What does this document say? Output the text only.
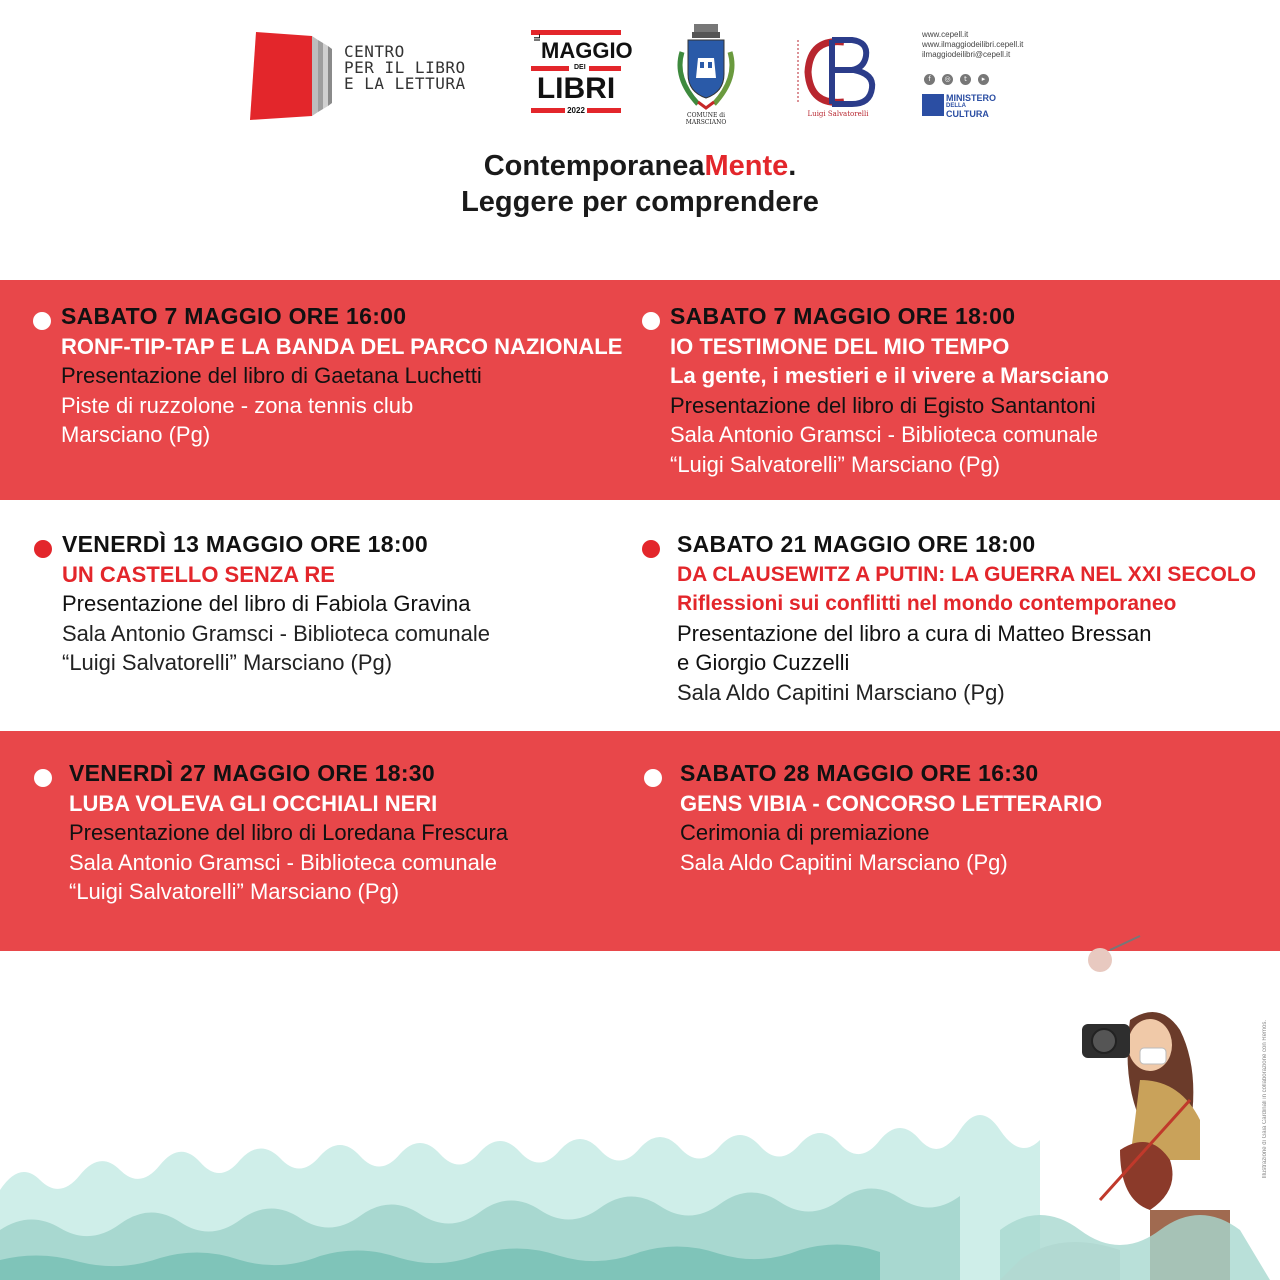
CENTRO
PER IL LIBRO
E LA LETTURA
IL
MAGGIO
DEI
LIBRI
2022
COMUNE di MARSCIANO
Luigi Salvatorelli
www.cepell.it
www.ilmaggiodeilibri.cepell.it
ilmaggiodeilibri@cepell.it
f ◎ t ▸
MINISTERO
DELLA
CULTURA
ContemporaneaMente.
Leggere per comprendere
SABATO 7 MAGGIO ORE 16:00
RONF-TIP-TAP E LA BANDA DEL PARCO NAZIONALE
Presentazione del libro di Gaetana Luchetti
Piste di ruzzolone - zona tennis club
Marsciano (Pg)
SABATO 7 MAGGIO ORE 18:00
IO TESTIMONE DEL MIO TEMPO
La gente, i mestieri e il vivere a Marsciano
Presentazione del libro di Egisto Santantoni
Sala Antonio Gramsci - Biblioteca comunale
“Luigi Salvatorelli” Marsciano (Pg)
VENERDÌ 13 MAGGIO ORE 18:00
UN CASTELLO SENZA RE
Presentazione del libro di Fabiola Gravina
Sala Antonio Gramsci - Biblioteca comunale
“Luigi Salvatorelli” Marsciano (Pg)
SABATO 21 MAGGIO ORE 18:00
DA CLAUSEWITZ A PUTIN: LA GUERRA NEL XXI SECOLO
Riflessioni sui conflitti nel mondo contemporaneo
Presentazione del libro a cura di Matteo Bressan
e Giorgio Cuzzelli
Sala Aldo Capitini Marsciano (Pg)
VENERDÌ 27 MAGGIO ORE 18:30
LUBA VOLEVA GLI OCCHIALI NERI
Presentazione del libro di Loredana Frescura
Sala Antonio Gramsci - Biblioteca comunale
“Luigi Salvatorelli” Marsciano (Pg)
SABATO 28 MAGGIO ORE 16:30
GENS VIBIA - CONCORSO LETTERARIO
Cerimonia di premiazione
Sala Aldo Capitini Marsciano (Pg)
Illustrazione di Gaia Cardinali in collaborazione con Remos.
